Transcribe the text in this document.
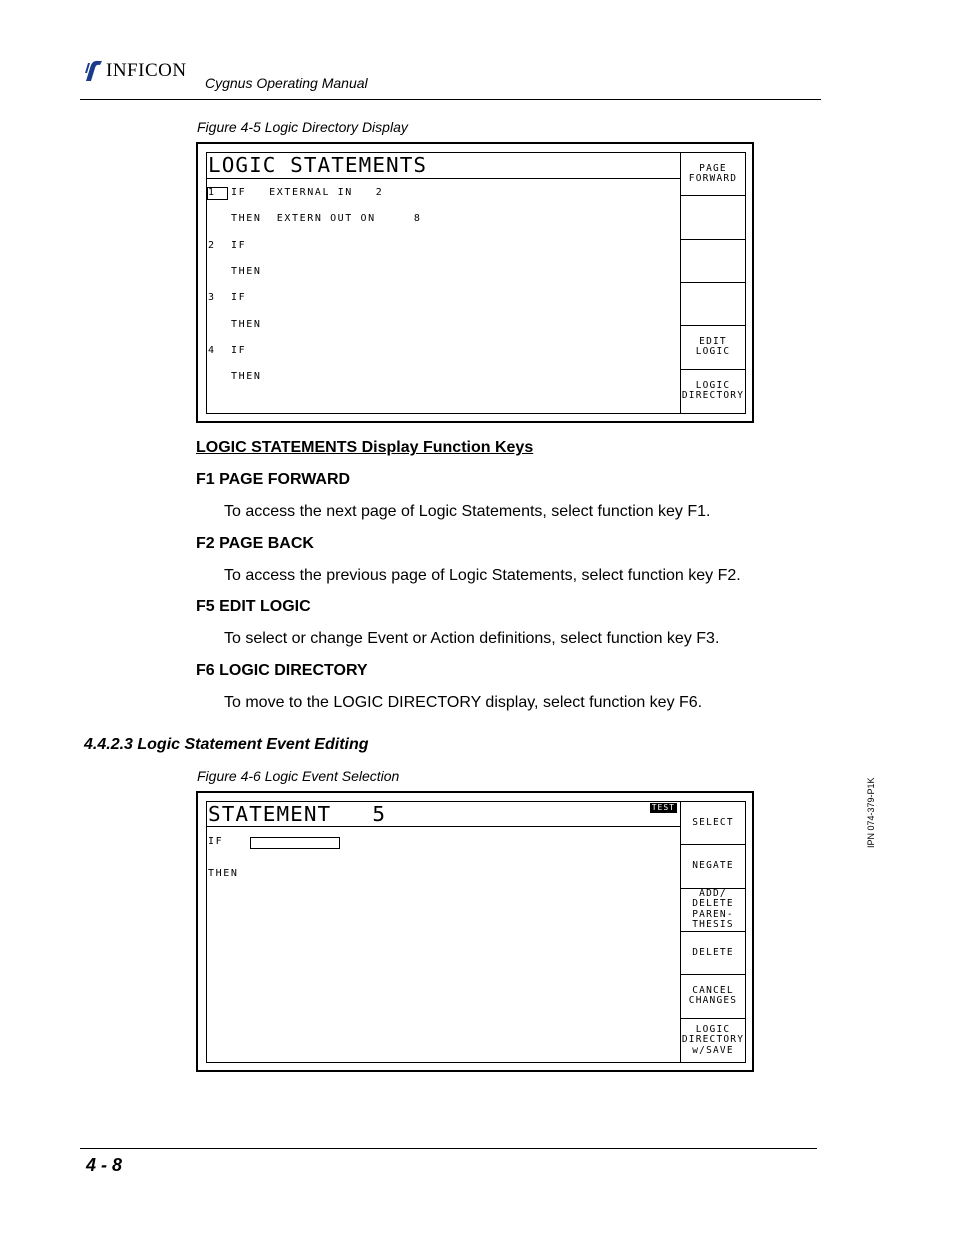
INFICON
Cygnus Operating Manual
Figure 4-5 Logic Directory Display
LOGIC STATEMENTS
1 IF   EXTERNAL IN   2
THEN  EXTERN OUT ON     8
2 IF
THEN
3 IF
THEN
4 IF
THEN
PAGE
FORWARD
EDIT
LOGIC
LOGIC
DIRECTORY
LOGIC STATEMENTS Display Function Keys
F1 PAGE FORWARD
To access the next page of Logic Statements, select function key F1.
F2 PAGE BACK
To access the previous page of Logic Statements, select function key F2.
F5 EDIT LOGIC
To select or change Event or Action definitions, select function key F3.
F6 LOGIC DIRECTORY
To move to the LOGIC DIRECTORY display, select function key F6.
4.4.2.3 Logic Statement Event Editing
Figure 4-6 Logic Event Selection
STATEMENT   5	TEST
IF
THEN
SELECT
NEGATE
ADD/
DELETE
PAREN-
THESIS
DELETE
CANCEL
CHANGES
LOGIC
DIRECTORY
w/SAVE
IPN 074-379-P1K
4 - 8
